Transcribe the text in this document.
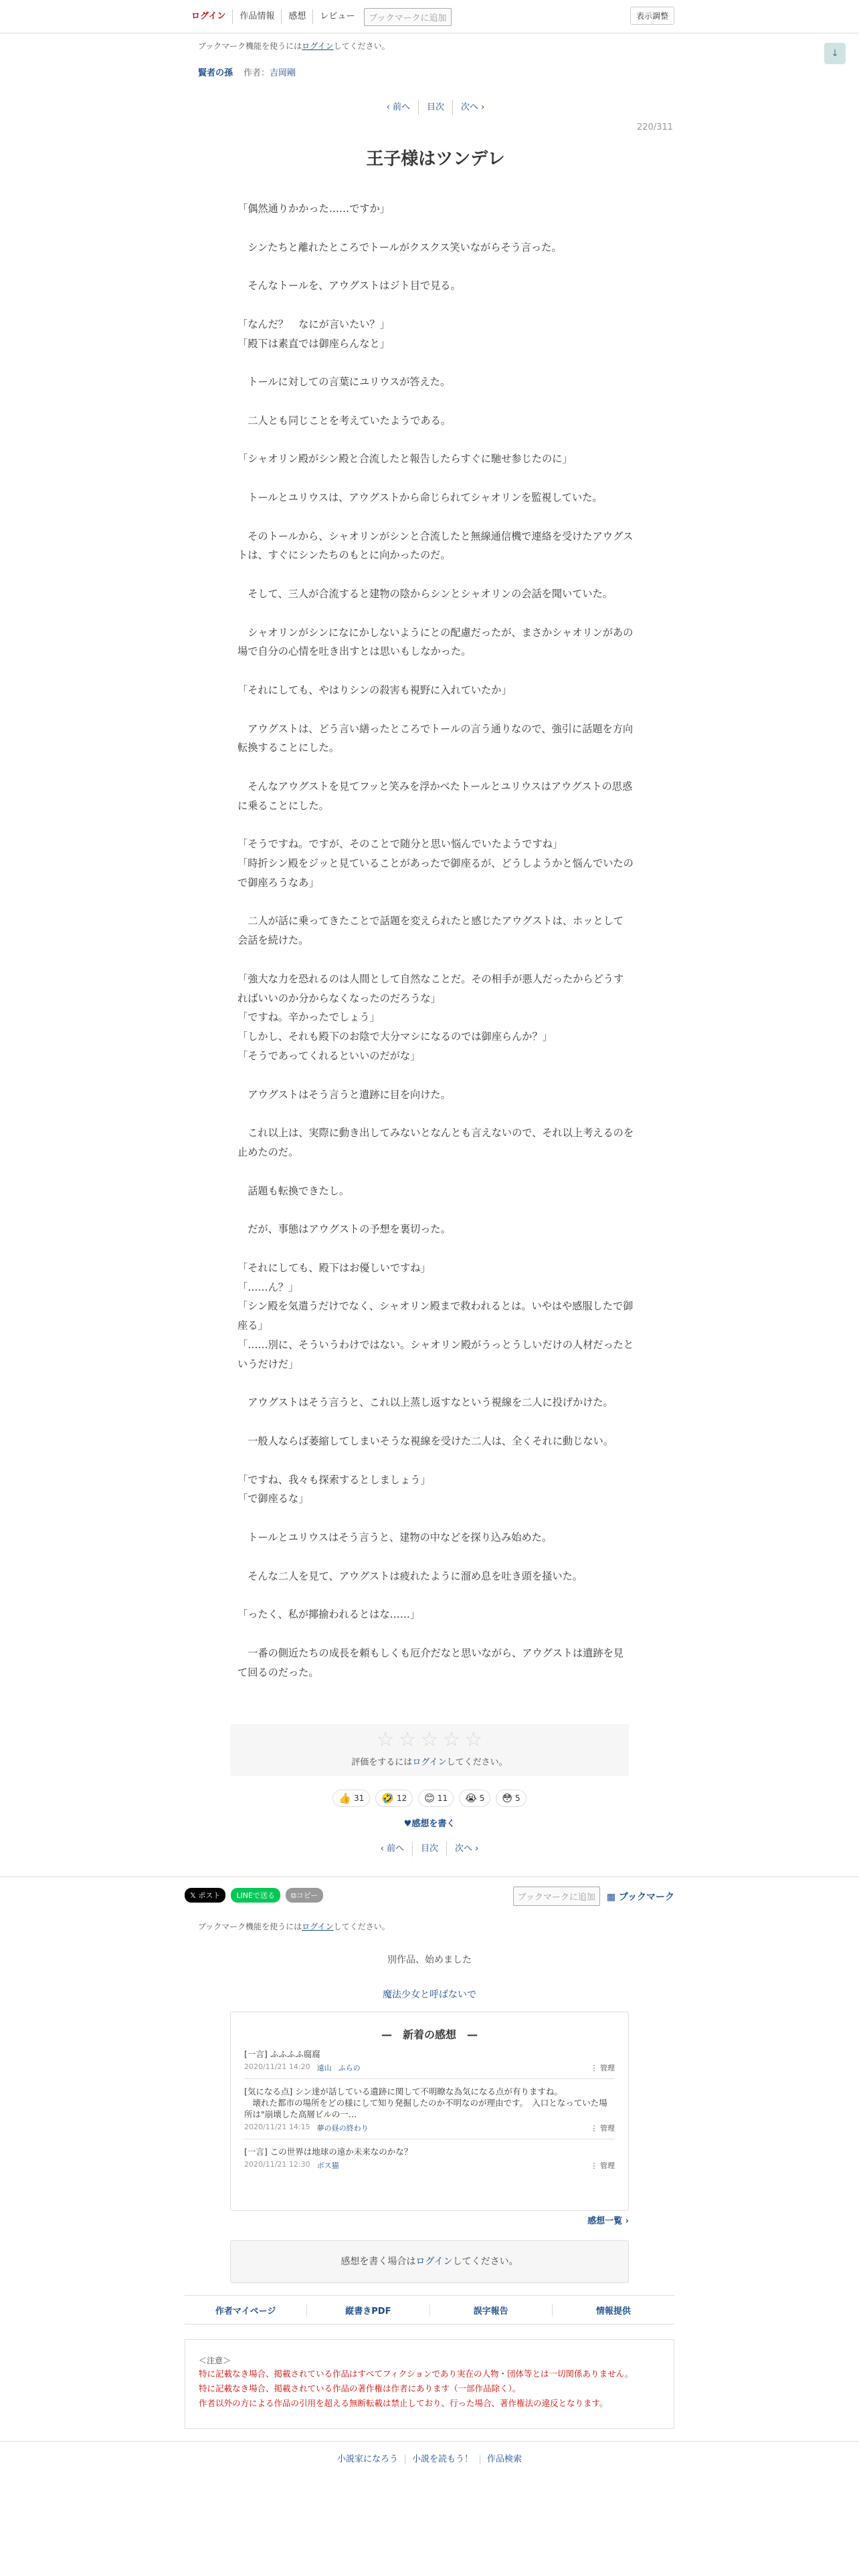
ログイン	作品情報	感想	レビュー	ブックマークに追加	表示調整
↓
ブックマーク機能を使うにはログインしてください。
賢者の孫 作者：吉岡剛
‹ 前へ	目次	次へ ›
220/311
王子様はツンデレ

「偶然通りかかった……ですか」

　シンたちと離れたところでトールがクスクス笑いながらそう言った。

　そんなトールを、アウグストはジト目で見る。

「なんだ？　なにが言いたい？」
「殿下は素直では御座らんなと」

　トールに対しての言葉にユリウスが答えた。

　二人とも同じことを考えていたようである。

「シャオリン殿がシン殿と合流したと報告したらすぐに馳せ参じたのに」

　トールとユリウスは、アウグストから命じられてシャオリンを監視していた。

　そのトールから、シャオリンがシンと合流したと無線通信機で連絡を受けたアウグストは、すぐにシンたちのもとに向かったのだ。

　そして、三人が合流すると建物の陰からシンとシャオリンの会話を聞いていた。

　シャオリンがシンになにかしないようにとの配慮だったが、まさかシャオリンがあの場で自分の心情を吐き出すとは思いもしなかった。

「それにしても、やはりシンの殺害も視野に入れていたか」

　アウグストは、どう言い繕ったところでトールの言う通りなので、強引に話題を方向転換することにした。

　そんなアウグストを見てフッと笑みを浮かべたトールとユリウスはアウグストの思惑に乗ることにした。

「そうですね。ですが、そのことで随分と思い悩んでいたようですね」
「時折シン殿をジッと見ていることがあったで御座るが、どうしようかと悩んでいたので御座ろうなあ」

　二人が話に乗ってきたことで話題を変えられたと感じたアウグストは、ホッとして会話を続けた。

「強大な力を恐れるのは人間として自然なことだ。その相手が悪人だったからどうすればいいのか分からなくなったのだろうな」
「ですね。辛かったでしょう」
「しかし、それも殿下のお陰で大分マシになるのでは御座らんか？」
「そうであってくれるといいのだがな」

　アウグストはそう言うと遺跡に目を向けた。

　これ以上は、実際に動き出してみないとなんとも言えないので、それ以上考えるのを止めたのだ。

　話題も転換できたし。

　だが、事態はアウグストの予想を裏切った。

「それにしても、殿下はお優しいですね」
「……ん？」
「シン殿を気遣うだけでなく、シャオリン殿まで救われるとは。いやはや感服したで御座る」
「……別に、そういうわけではない。シャオリン殿がうっとうしいだけの人材だったというだけだ」

　アウグストはそう言うと、これ以上蒸し返すなという視線を二人に投げかけた。

　一般人ならば萎縮してしまいそうな視線を受けた二人は、全くそれに動じない。

「ですね、我々も探索するとしましょう」
「で御座るな」

　トールとユリウスはそう言うと、建物の中などを探り込み始めた。

　そんな二人を見て、アウグストは疲れたように溜め息を吐き頭を掻いた。

「ったく、私が揶揄われるとはな……」

　一番の側近たちの成長を頼もしくも厄介だなと思いながら、アウグストは遺跡を見て回るのだった。

☆ ☆ ☆ ☆ ☆
評価をするにはログインしてください。
👍 31 🤣 12 😊 11 😭 5 😳 5
♥感想を書く
‹ 前へ	目次	次へ ›
𝕏 ポスト	LINEで送る	⧉コピー	ブックマークに追加	▦ ブックマーク
ブックマーク機能を使うにはログインしてください。
別作品、始めました
魔法少女と呼ばないで
—　新着の感想　—
[一言] ふふふふ腐腐
2020/11/21 14:20 遠山 ふらの	⋮ 管理
[気になる点] シン達が話している遺跡に関して不明瞭な為気になる点が有りますね。
　壊れた都市の場所をどの様にして知り発掘したのか不明なのが理由です。　入口となっていた場所は"崩壊した高層ビルの一…
2020/11/21 14:15 夢の昼の終わり	⋮ 管理
[一言] この世界は地球の遠か未来なのかな？
2020/11/21 12:30 ボス猫	⋮ 管理
感想一覧 ›
感想を書く場合はログインしてください。
作者マイページ	縦書きPDF	誤字報告	情報提供
＜注意＞
特に記載なき場合、掲載されている作品はすべてフィクションであり実在の人物・団体等とは一切関係ありません。
特に記載なき場合、掲載されている作品の著作権は作者にあります（一部作品除く）。
作者以外の方による作品の引用を超える無断転載は禁止しており、行った場合、著作権法の違反となります。
小説家になろう	小説を読もう！	作品検索
